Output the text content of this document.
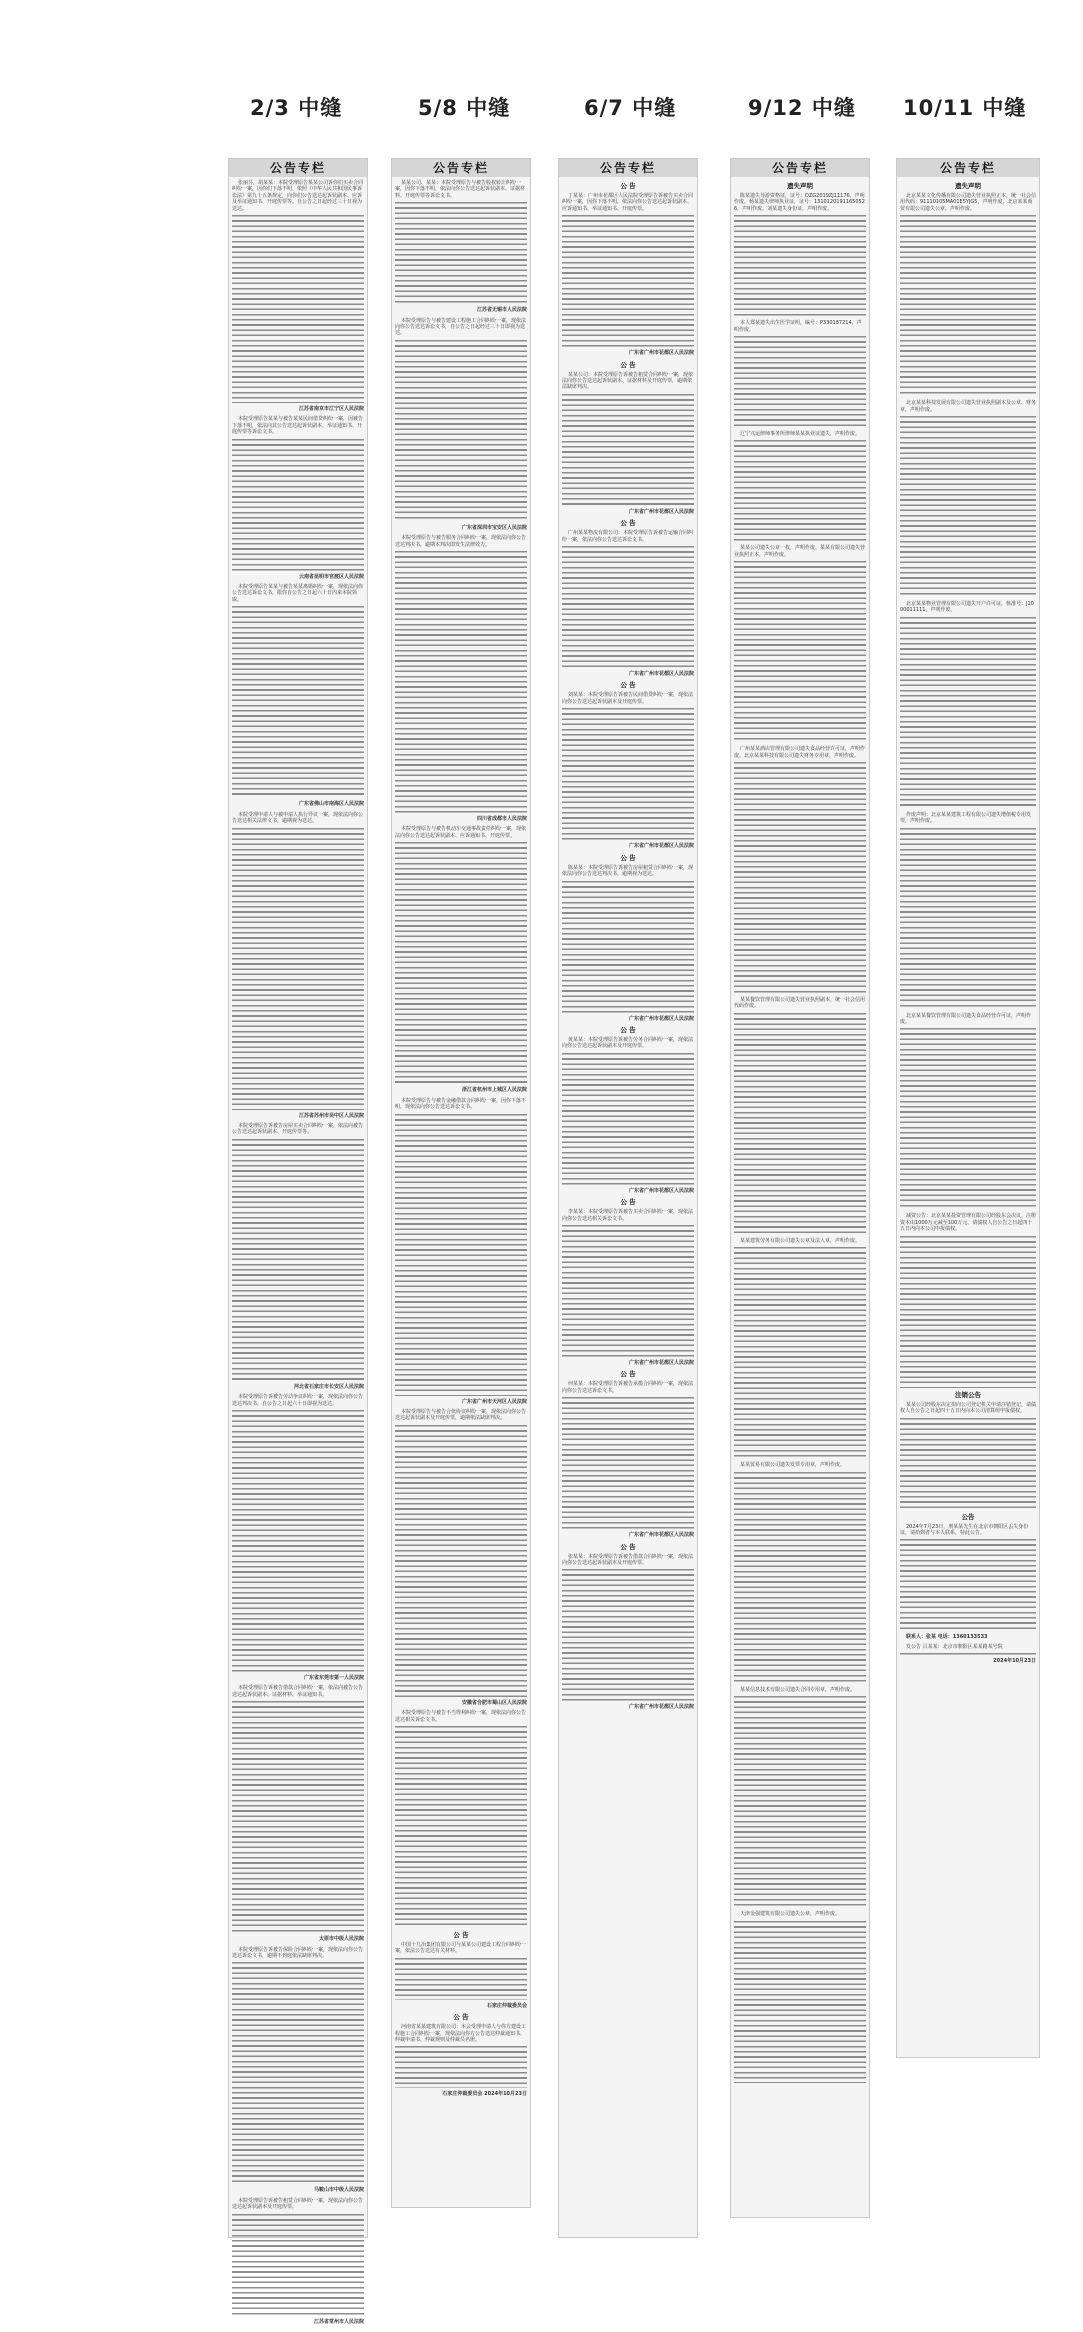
2/3 中缝	5/8 中缝	6/7 中缝	9/12 中缝 10/11 中缝
公告专栏
张丽芬，胡某某：本院受理原告某某公司诉你们买卖合同纠纷一案，因你们下落不明，依照《中华人民共和国民事诉讼法》第九十五条规定，向你们公告送达起诉状副本、应诉及举证通知书、开庭传票等。自公告之日起经过三十日视为送达。
江苏省南京市江宁区人民法院
本院受理原告某某与被告某某民间借贷纠纷一案，因被告下落不明，依法向其公告送达起诉状副本、举证通知书、开庭传票等诉讼文书。
云南省昆明市官渡区人民法院
本院受理原告某某与被告某某离婚纠纷一案，现依法向你公告送达诉讼文书，限你自公告之日起六十日内来本院领取。
广东省佛山市南海区人民法院
本院受理申请人与被申请人执行异议一案，现依法向你公告送达相关法律文书，逾期视为送达。
江苏省苏州市吴中区人民法院
本院受理原告诉被告房屋买卖合同纠纷一案，依法向被告公告送达起诉状副本、开庭传票等。
河北省石家庄市长安区人民法院
本院受理原告诉被告劳动争议纠纷一案，现依法向你公告送达判决书，自公告之日起六十日即视为送达。
广东省东莞市第一人民法院
本院受理原告诉被告借款合同纠纷一案，依法向被告公告送达起诉状副本、证据材料、举证通知书。
太原市中级人民法院
本院受理原告诉被告保险合同纠纷一案，现依法向你公告送达诉讼文书，逾期不到庭依法缺席判决。
马鞍山市中级人民法院
本院受理原告诉被告租赁合同纠纷一案，现依法向你公告送达起诉状副本及开庭传票。
江苏省常州市人民法院
公告专栏
某某公司、某某：本院受理原告与被告股权转让纠纷一案，因你下落不明，依法向你公告送达起诉状副本、证据材料、开庭传票等诉讼文书。
江苏省无锡市人民法院
本院受理原告与被告建设工程施工合同纠纷一案，现依法向你公告送达诉讼文书，自公告之日起经过三十日即视为送达。
广东省深圳市宝安区人民法院
本院受理原告与被告服务合同纠纷一案，现依法向你公告送达判决书，逾期本判决即发生法律效力。
四川省成都市人民法院
本院受理原告与被告机动车交通事故责任纠纷一案，现依法向你公告送达起诉状副本、应诉通知书、开庭传票。
浙江省杭州市上城区人民法院
本院受理原告与被告金融借款合同纠纷一案，因你下落不明，现依法向你公告送达诉讼文书。
广东省广州市天河区人民法院
本院受理原告与被告合伙协议纠纷一案，现依法向你公告送达起诉状副本及开庭传票，逾期依法缺席判决。
安徽省合肥市蜀山区人民法院
本院受理原告与被告不当得利纠纷一案，现依法向你公告送达相关诉讼文书。
公 告
中国十九冶集团有限公司与某某公司建设工程合同纠纷一案，依法公告送达有关材料。
石家庄仲裁委员会
公 告
河南省某某建筑有限公司：本会受理申请人与你方建设工程施工合同纠纷一案，现依法向你方公告送达仲裁通知书、仲裁申请书、仲裁规则及仲裁员名册。
石家庄仲裁委员会 2024年10月23日
公告专栏
公 告
丁某某：广州市花都区人民法院受理原告诉被告买卖合同纠纷一案，因你下落不明，依法向你公告送达起诉状副本、应诉通知书、举证通知书、开庭传票。
广东省广州市花都区人民法院
公 告
某某公司：本院受理原告诉被告租赁合同纠纷一案，现依法向你公告送达起诉状副本、证据材料及开庭传票，逾期依法缺席判决。
广东省广州市花都区人民法院
公 告
广州某某物流有限公司：本院受理原告诉被告运输合同纠纷一案，依法向你公告送达诉讼文书。
广东省广州市花都区人民法院
公 告
刘某某：本院受理原告诉被告民间借贷纠纷一案，现依法向你公告送达起诉状副本及开庭传票。
广东省广州市花都区人民法院
公 告
陈某某：本院受理原告诉被告房屋租赁合同纠纷一案，现依法向你公告送达判决书，逾期视为送达。
广东省广州市花都区人民法院
公 告
黄某某：本院受理原告诉被告劳务合同纠纷一案，现依法向你公告送达起诉状副本及开庭传票。
广东省广州市花都区人民法院
公 告
李某某：本院受理原告诉被告买卖合同纠纷一案，现依法向你公告送达相关诉讼文书。
广东省广州市花都区人民法院
公 告
何某某：本院受理原告诉被告承揽合同纠纷一案，现依法向你公告送达诉讼文书。
广东省广州市花都区人民法院
公 告
张某某：本院受理原告诉被告借款合同纠纷一案，现依法向你公告送达起诉状副本及开庭传票。
广东省广州市花都区人民法院
公告专栏
遗失声明
陈某遗失导游资格证，证号：DZG2019ZJ11176，声明作废。杨某遗失律师执业证，证号：13101201911650526，声明作废。刘某遗失身份证，声明作废。
本人郑某遗失出生医学证明，编号：P330187214，声明作废。
辽宁兴运律师事务所律师某某执业证遗失，声明作废。
某某公司遗失公章一枚，声明作废。某某有限公司遗失营业执照正本，声明作废。
广州某某酒店管理有限公司遗失食品经营许可证，声明作废。北京某某科技有限公司遗失财务专用章，声明作废。
某某餐饮管理有限公司遗失营业执照副本，统一社会信用代码作废。
某某建筑劳务有限公司遗失公章及法人章，声明作废。
某某贸易有限公司遗失发票专用章，声明作废。
某某信息技术有限公司遗失合同专用章，声明作废。
天津金强建筑有限公司遗失公章，声明作废。
公告专栏
遗失声明
北京某某文化传播有限公司遗失营业执照正本，统一社会信用代码：91110105MA01E5YJG5，声明作废。北京某某商贸有限公司遗失公章，声明作废。
北京某某科技发展有限公司遗失营业执照副本及公章、财务章，声明作废。
北京某某物业管理有限公司遗失开户许可证，核准号：J1000011111，声明作废。
作废声明：北京某某建筑工程有限公司遗失增值税专用发票，声明作废。
北京某某餐饮管理有限公司遗失食品经营许可证，声明作废。
减资公告：北京某某投资管理有限公司经股东会决议，注册资本由1000万元减至100万元，请债权人自公告之日起四十五日内向本公司申报债权。
注销公告
某某公司经股东决定拟向公司登记机关申请注销登记，请债权人自公告之日起四十五日内向本公司清算组申报债权。
公告
2024年7月23日，刑某某先生在北京市朝阳区丢失身份证，请拾到者与本人联系，特此公告。
联系人：张某 电话：1360133533
发公告 吕某某：北京市朝阳区某某路某号院
2024年10月23日
